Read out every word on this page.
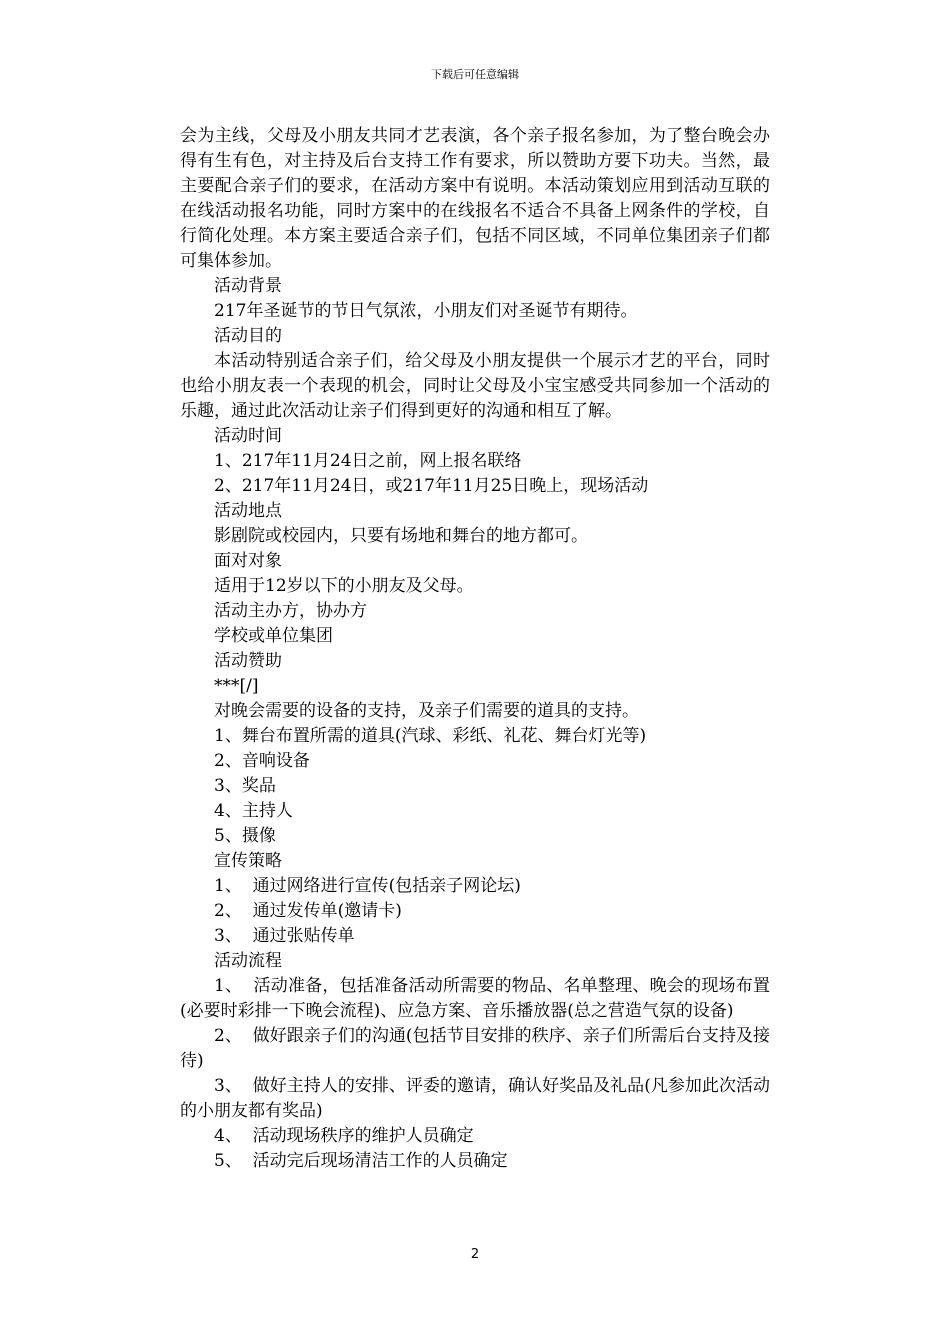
下载后可任意编辑

会为主线，父母及小朋友共同才艺表演，各个亲子报名参加，为了整台晚会办得有生有色，对主持及后台支持工作有要求，所以赞助方要下功夫。当然，最主要配合亲子们的要求，在活动方案中有说明。本活动策划应用到活动互联的在线活动报名功能，同时方案中的在线报名不适合不具备上网条件的学校，自行简化处理。本方案主要适合亲子们，包括不同区域，不同单位集团亲子们都可集体参加。

活动背景

217年圣诞节的节日气氛浓，小朋友们对圣诞节有期待。

活动目的

本活动特别适合亲子们，给父母及小朋友提供一个展示才艺的平台，同时也给小朋友表一个表现的机会，同时让父母及小宝宝感受共同参加一个活动的乐趣，通过此次活动让亲子们得到更好的沟通和相互了解。

活动时间

1、217年11月24日之前，网上报名联络

2、217年11月24日，或217年11月25日晚上，现场活动

活动地点

影剧院或校园内，只要有场地和舞台的地方都可。

面对对象

适用于12岁以下的小朋友及父母。

活动主办方，协办方

学校或单位集团

活动赞助

***[/]

对晚会需要的设备的支持，及亲子们需要的道具的支持。

1、舞台布置所需的道具(汽球、彩纸、礼花、舞台灯光等)

2、音响设备

3、奖品

4、主持人

5、摄像

宣传策略

1、  通过网络进行宣传(包括亲子网论坛)

2、  通过发传单(邀请卡)

3、  通过张贴传单

活动流程

1、  活动准备，包括准备活动所需要的物品、名单整理、晚会的现场布置(必要时彩排一下晚会流程)、应急方案、音乐播放器(总之营造气氛的设备)

2、  做好跟亲子们的沟通(包括节目安排的秩序、亲子们所需后台支持及接待)

3、  做好主持人的安排、评委的邀请，确认好奖品及礼品(凡参加此次活动的小朋友都有奖品)

4、  活动现场秩序的维护人员确定

5、  活动完后现场清洁工作的人员确定

2
